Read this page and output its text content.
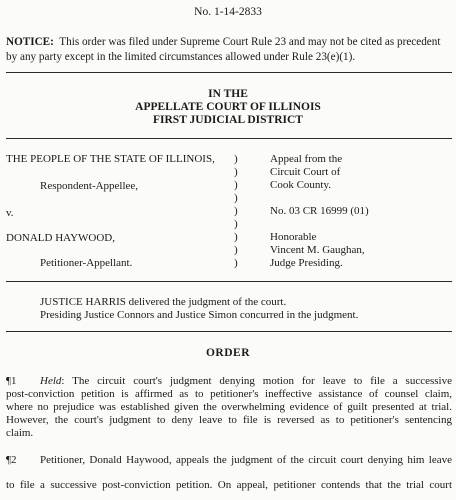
No. 1-14-2833
NOTICE: This order was filed under Supreme Court Rule 23 and may not be cited as precedent by any party except in the limited circumstances allowed under Rule 23(e)(1).
IN THE
APPELLATE COURT OF ILLINOIS
FIRST JUDICIAL DISTRICT
THE PEOPLE OF THE STATE OF ILLINOIS,
Respondent-Appellee,
v.
DONALD HAYWOOD,
Petitioner-Appellant.
)
)
)
)
)
)
)
)
)
Appeal from the
Circuit Court of
Cook County.
No. 03 CR 16999 (01)
Honorable
Vincent M. Gaughan,
Judge Presiding.
JUSTICE HARRIS delivered the judgment of the court.
Presiding Justice Connors and Justice Simon concurred in the judgment.
ORDER
¶1 Held: The circuit court's judgment denying motion for leave to file a successive
post-conviction petition is affirmed as to petitioner's ineffective assistance of counsel claim,
where no prejudice was established given the overwhelming evidence of guilt presented at trial.
However, the court's judgment to deny leave to file is reversed as to petitioner's sentencing
claim.
¶2 Petitioner, Donald Haywood, appeals the judgment of the circuit court denying him leave
to file a successive post-conviction petition. On appeal, petitioner contends that the trial court
